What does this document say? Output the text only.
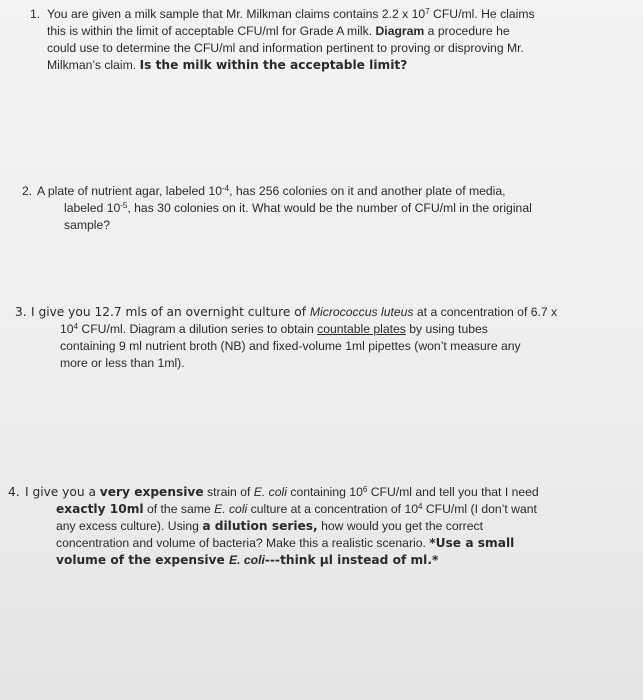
1. You are given a milk sample that Mr. Milkman claims contains 2.2 x $10^7$ CFU/ml. He claims
this is within the limit of acceptable CFU/ml for Grade A milk. Diagram a procedure he
could use to determine the CFU/ml and information pertinent to proving or disproving Mr.
Milkman’s claim. Is the milk within the acceptable limit?
2. A plate of nutrient agar, labeled $10^{-4}$, has 256 colonies on it and another plate of media,
labeled $10^{-5}$, has 30 colonies on it. What would be the number of CFU/ml in the original
sample?
3. I give you 12.7 mls of an overnight culture of Micrococcus luteus at a concentration of 6.7 x
$10^4$ CFU/ml. Diagram a dilution series to obtain countable plates by using tubes
containing 9 ml nutrient broth (NB) and fixed-volume 1ml pipettes (won’t measure any
more or less than 1ml).
4. I give you a very expensive strain of E. coli containing $10^6$ CFU/ml and tell you that I need
exactly 10ml of the same E. coli culture at a concentration of $10^4$ CFU/ml (I don’t want
any excess culture). Using a dilution series, how would you get the correct
concentration and volume of bacteria? Make this a realistic scenario. *Use a small
volume of the expensive E. coli---think µl instead of ml.*
